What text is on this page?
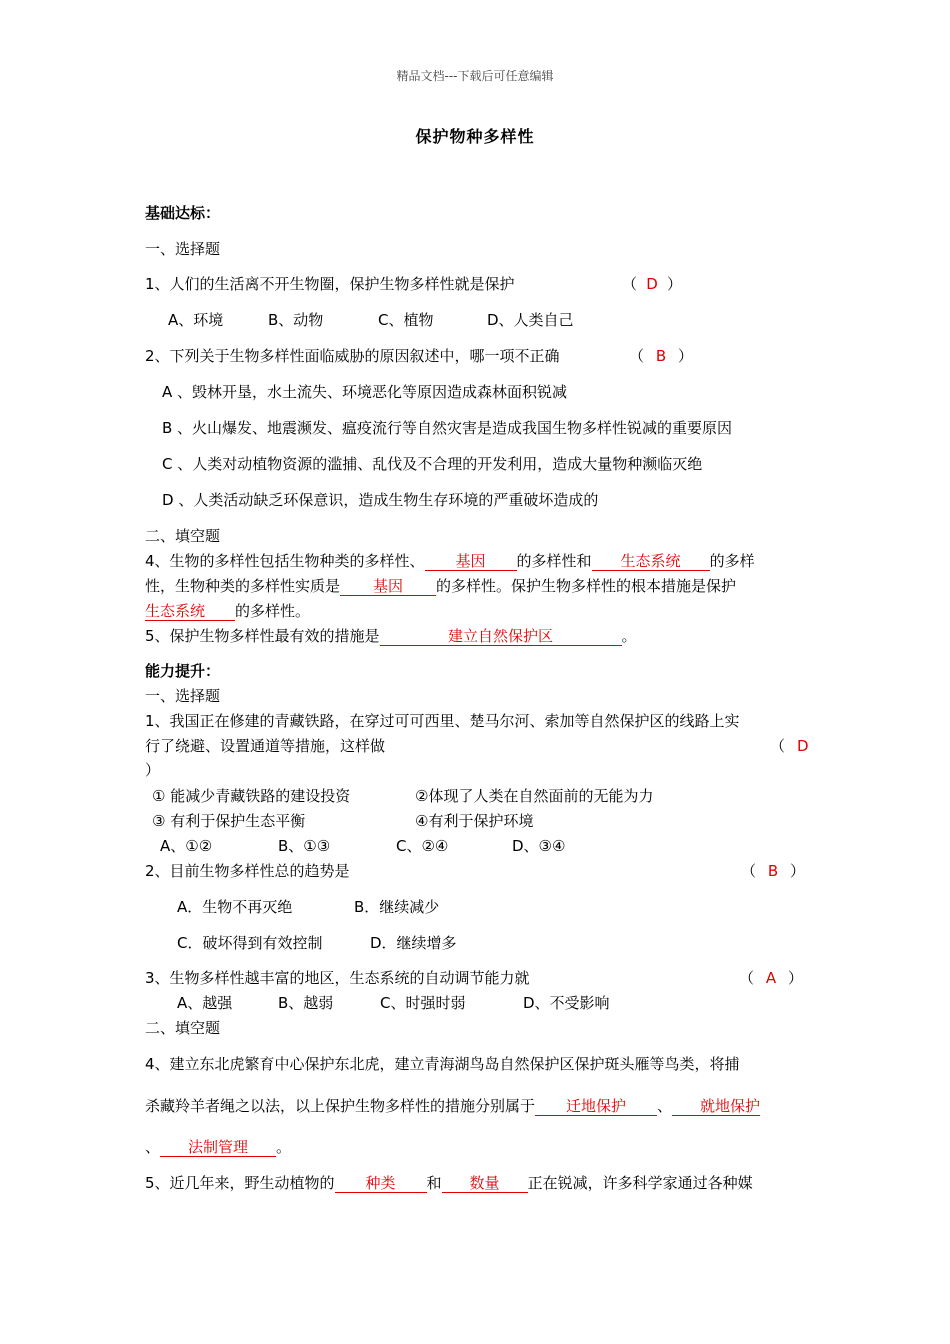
精品文档---下载后可任意编辑
保护物种多样性
基础达标：
一、选择题
1、人们的生活离不开生物圈，保护生物多样性就是保护	（ D ）
A、环境	B、动物	C、植物	D、人类自己
2、下列关于生物多样性面临威胁的原因叙述中，哪一项不正确	（ B ）
A 、毁林开垦，水土流失、环境恶化等原因造成森林面积锐减
B 、火山爆发、地震濒发、瘟疫流行等自然灾害是造成我国生物多样性锐减的重要原因
C 、人类对动植物资源的滥捕、乱伐及不合理的开发利用，造成大量物种濒临灭绝
D 、人类活动缺乏环保意识，造成生物生存环境的严重破坏造成的
二、填空题
4、生物的多样性包括生物种类的多样性、 基因 的多样性和 生态系统 的多样
性，生物种类的多样性实质是 基因 的多样性。保护生物多样性的根本措施是保护
生态系统 的多样性。
5、保护生物多样性最有效的措施是	建立自然保护区	。
能力提升：
一、选择题
1、我国正在修建的青藏铁路，在穿过可可西里、楚马尔河、索加等自然保护区的线路上实
行了绕避、设置通道等措施，这样做	（ D
）
① 能减少青藏铁路的建设投资	②体现了人类在自然面前的无能为力
③ 有利于保护生态平衡	④有利于保护环境
A、①②	B、①③	C、②④	D、③④
2、目前生物多样性总的趋势是	（ B ）
A．生物不再灭绝	B．继续减少
C．破坏得到有效控制	D．继续增多
3、生物多样性越丰富的地区，生态系统的自动调节能力就	（ A ）
A、越强	B、越弱	C、时强时弱	D、不受影响
二、填空题
4、建立东北虎繁育中心保护东北虎，建立青海湖鸟岛自然保护区保护斑头雁等鸟类，将捕
杀藏羚羊者绳之以法，以上保护生物多样性的措施分别属于 迁地保护 、 就地保护
、 法制管理 。
5、近几年来，野生动植物的 种类 和 数量 正在锐减，许多科学家通过各种媒
